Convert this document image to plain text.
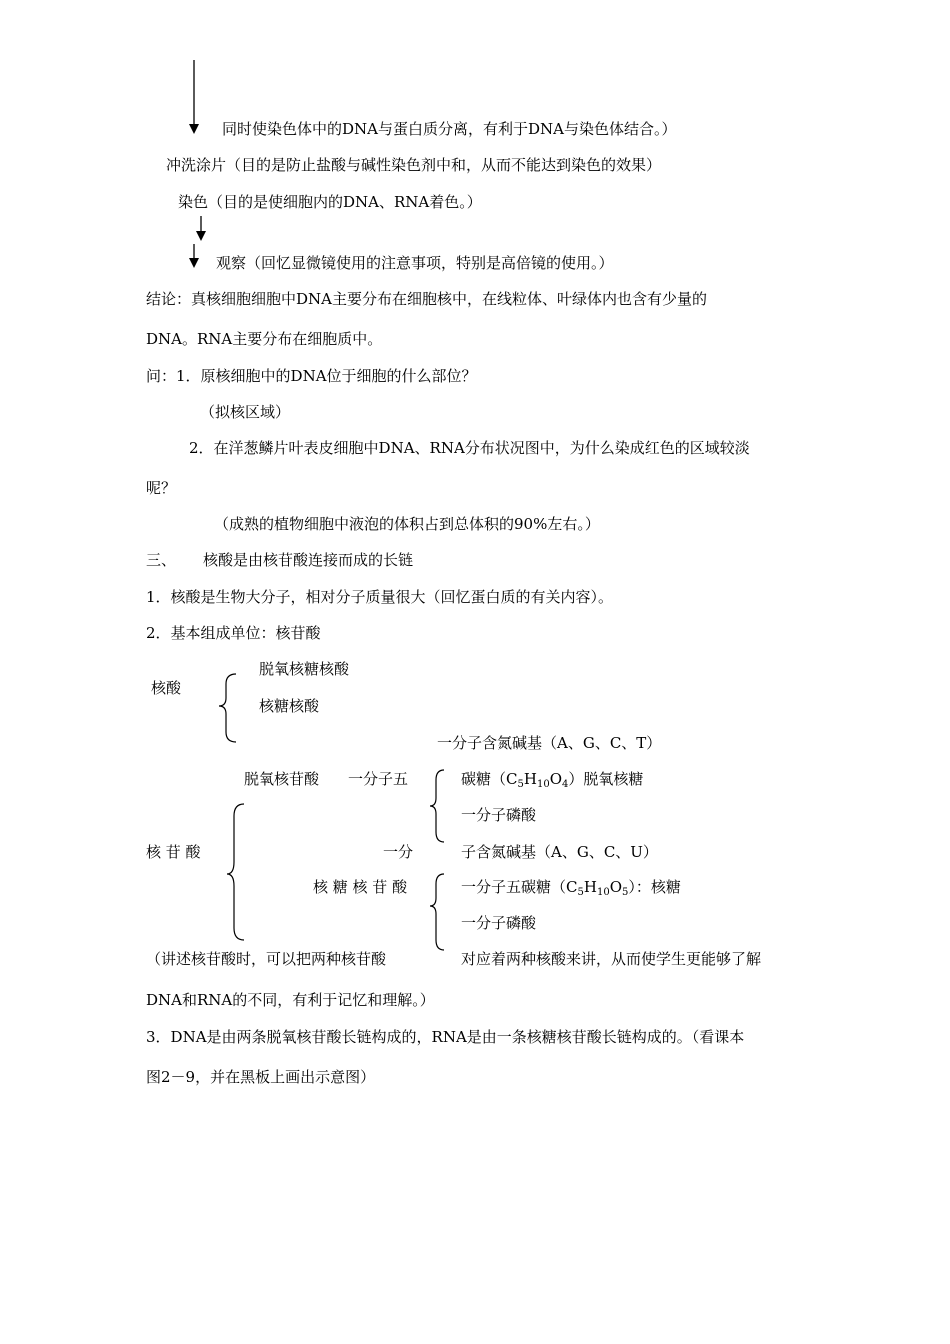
同时使染色体中的DNA与蛋白质分离，有利于DNA与染色体结合。）
冲洗涂片（目的是防止盐酸与碱性染色剂中和，从而不能达到染色的效果）
染色（目的是使细胞内的DNA、RNA着色。）
观察（回忆显微镜使用的注意事项，特别是高倍镜的使用。）
结论：真核细胞细胞中DNA主要分布在细胞核中，在线粒体、叶绿体内也含有少量的
DNA。RNA主要分布在细胞质中。
问：1．原核细胞中的DNA位于细胞的什么部位？
（拟核区域）
2．在洋葱鳞片叶表皮细胞中DNA、RNA分布状况图中，为什么染成红色的区域较淡
呢？
（成熟的植物细胞中液泡的体积占到总体积的90%左右。）
三、 核酸是由核苷酸连接而成的长链
1．核酸是生物大分子，相对分子质量很大（回忆蛋白质的有关内容）。
2．基本组成单位：核苷酸
核酸
脱氧核糖核酸
核糖核酸
一分子含氮碱基（A、G、C、T）
脱氧核苷酸 一分子五	碳糖$(C_5H_{10}O_4)$脱氧核糖
一分子磷酸
核 苷 酸	一分	子含氮碱基（A、G、C、U）
核 糖 核 苷 酸	一分子五碳糖$(C_5H_{10}O_5)$：核糖
一分子磷酸
（讲述核苷酸时，可以把两种核苷酸	对应着两种核酸来讲，从而使学生更能够了解
DNA和RNA的不同，有利于记忆和理解。）
3．DNA是由两条脱氧核苷酸长链构成的，RNA是由一条核糖核苷酸长链构成的。（看课本
图2－9，并在黑板上画出示意图）
